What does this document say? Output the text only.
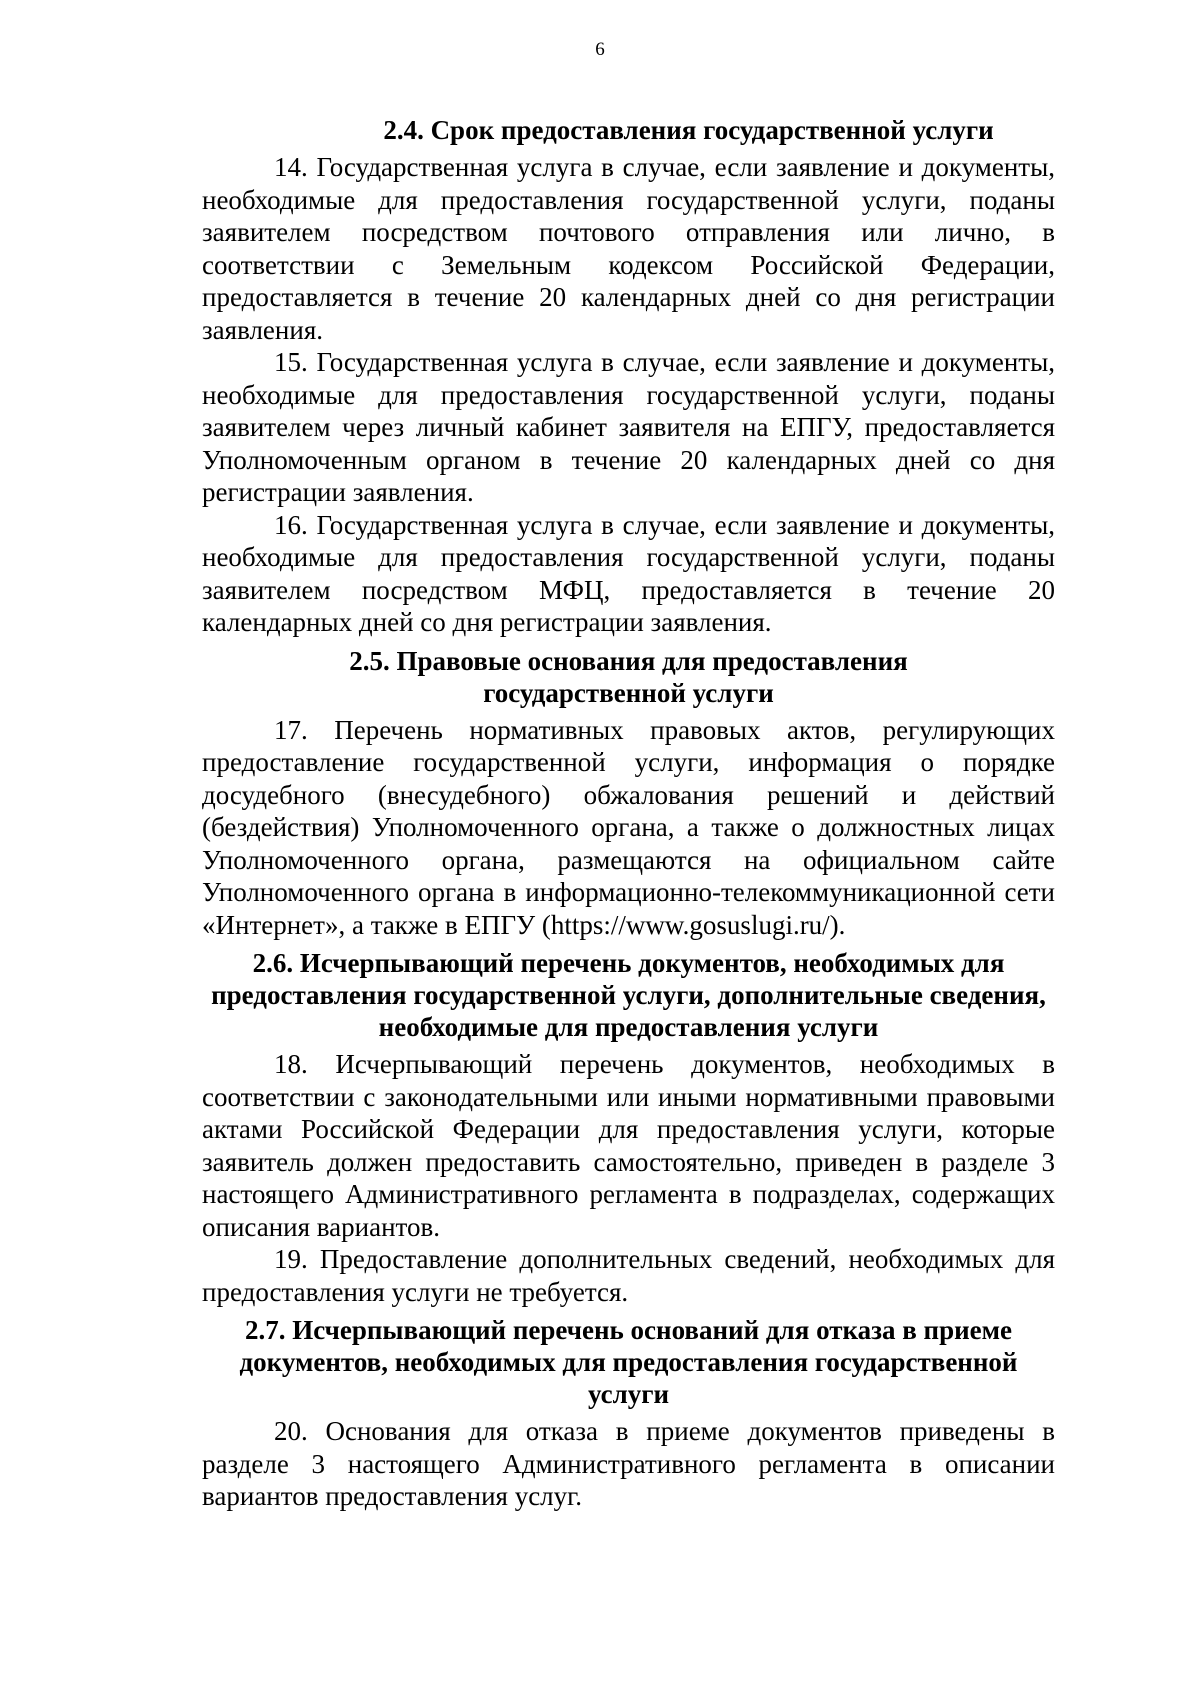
6
2.4. Срок предоставления государственной услуги

14. Государственная услуга в случае, если заявление и документы, необходимые для предоставления государственной услуги, поданы заявителем посредством почтового отправления или лично, в соответствии с Земельным кодексом Российской Федерации, предоставляется в течение 20 календарных дней со дня регистрации заявления.

15. Государственная услуга в случае, если заявление и документы, необходимые для предоставления государственной услуги, поданы заявителем через личный кабинет заявителя на ЕПГУ, предоставляется Уполномоченным органом в течение 20 календарных дней со дня регистрации заявления.

16. Государственная услуга в случае, если заявление и документы, необходимые для предоставления государственной услуги, поданы заявителем посредством МФЦ, предоставляется в течение 20 календарных дней со дня регистрации заявления.

2.5. Правовые основания для предоставления
государственной услуги

17. Перечень нормативных правовых актов, регулирующих предоставление государственной услуги, информация о порядке досудебного (внесудебного) обжалования решений и действий (бездействия) Уполномоченного органа, а также о должностных лицах Уполномоченного органа, размещаются на официальном сайте Уполномоченного органа в информационно-телекоммуникационной сети «Интернет», а также в ЕПГУ (https://www.gosuslugi.ru/).

2.6. Исчерпывающий перечень документов, необходимых для
предоставления государственной услуги, дополнительные сведения,
необходимые для предоставления услуги

18. Исчерпывающий перечень документов, необходимых в соответствии с законодательными или иными нормативными правовыми актами Российской Федерации для предоставления услуги, которые заявитель должен предоставить самостоятельно, приведен в разделе 3 настоящего Административного регламента в подразделах, содержащих описания вариантов.

19. Предоставление дополнительных сведений, необходимых для предоставления услуги не требуется.

2.7. Исчерпывающий перечень оснований для отказа в приеме
документов, необходимых для предоставления государственной услуги

20. Основания для отказа в приеме документов приведены в разделе 3 настоящего Административного регламента в описании вариантов предоставления услуг.
